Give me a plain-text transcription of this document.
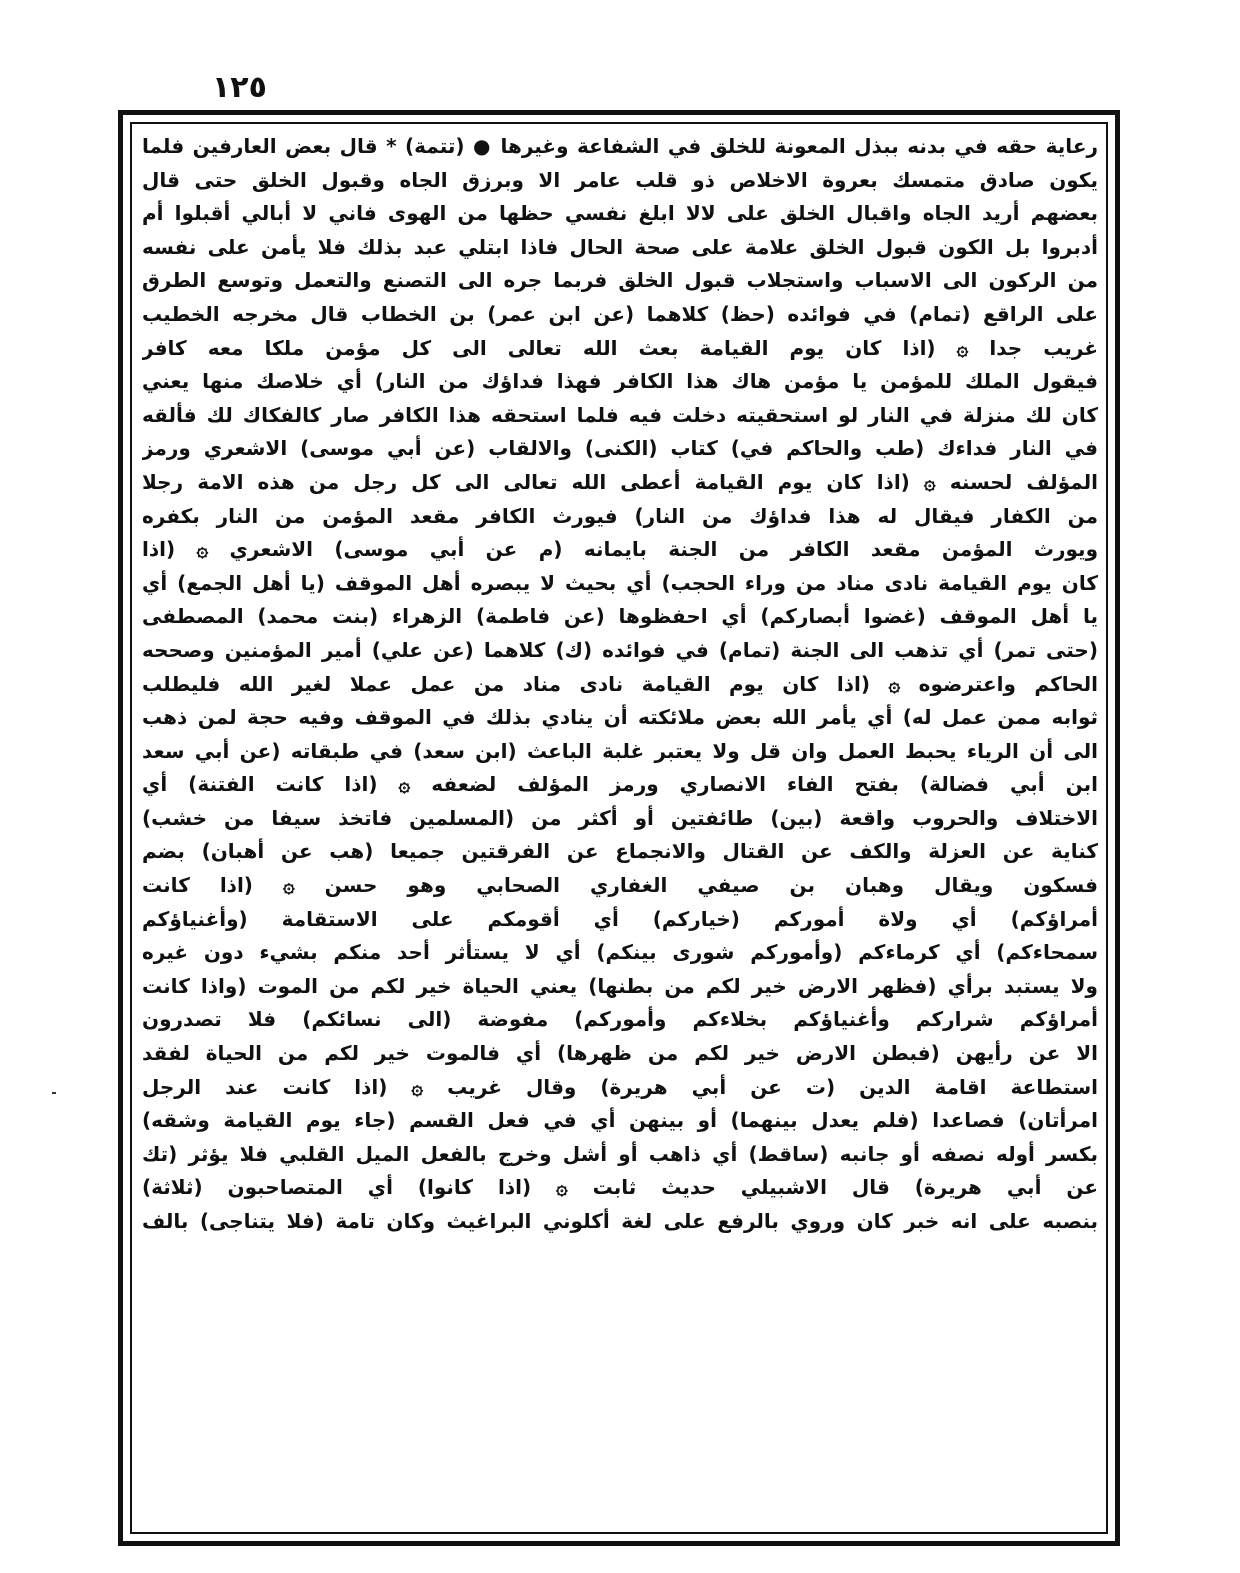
١٢٥
رعاية حقه في بدنه ببذل المعونة للخلق في الشفاعة وغيرها ● (تتمة) * قال بعض العارفين فلما
يكون صادق متمسك بعروة الاخلاص ذو قلب عامر الا وبرزق الجاه وقبول الخلق حتى قال
بعضهم أريد الجاه واقبال الخلق على لالا ابلغ نفسي حظها من الهوى فاني لا أبالي أقبلوا أم
أدبروا بل الكون قبول الخلق علامة على صحة الحال فاذا ابتلي عبد بذلك فلا يأمن على نفسه
من الركون الى الاسباب واستجلاب قبول الخلق فربما جره الى التصنع والتعمل وتوسع الطرق
على الراقع (تمام) في فوائده (حظ) كلاهما (عن ابن عمر) بن الخطاب قال مخرجه الخطيب
غريب جدا ۞ (اذا كان يوم القيامة بعث الله تعالى الى كل مؤمن ملكا معه كافر
فيقول الملك للمؤمن يا مؤمن هاك هذا الكافر فهذا فداؤك من النار) أي خلاصك منها يعني
كان لك منزلة في النار لو استحقيته دخلت فيه فلما استحقه هذا الكافر صار كالفكاك لك فألقه
في النار فداءك (طب والحاكم في) كتاب (الكنى) والالقاب (عن أبي موسى) الاشعري ورمز
المؤلف لحسنه ۞ (اذا كان يوم القيامة أعطى الله تعالى الى كل رجل من هذه الامة رجلا
من الكفار فيقال له هذا فداؤك من النار) فيورث الكافر مقعد المؤمن من النار بكفره
ويورث المؤمن مقعد الكافر من الجنة بايمانه (م عن أبي موسى) الاشعري ۞ (اذا
كان يوم القيامة نادى مناد من وراء الحجب) أي بحيث لا يبصره أهل الموقف (يا أهل الجمع) أي
يا أهل الموقف (غضوا أبصاركم) أي احفظوها (عن فاطمة) الزهراء (بنت محمد) المصطفى
(حتى تمر) أي تذهب الى الجنة (تمام) في فوائده (ك) كلاهما (عن علي) أمير المؤمنين وصححه
الحاكم واعترضوه ۞ (اذا كان يوم القيامة نادى مناد من عمل عملا لغير الله فليطلب
ثوابه ممن عمل له) أي يأمر الله بعض ملائكته أن ينادي بذلك في الموقف وفيه حجة لمن ذهب
الى أن الرياء يحبط العمل وان قل ولا يعتبر غلبة الباعث (ابن سعد) في طبقاته (عن أبي سعد
ابن أبي فضالة) بفتح الفاء الانصاري ورمز المؤلف لضعفه ۞ (اذا كانت الفتنة) أي
الاختلاف والحروب واقعة (بين) طائفتين أو أكثر من (المسلمين فاتخذ سيفا من خشب)
كناية عن العزلة والكف عن القتال والانجماع عن الفرقتين جميعا (هب عن أهبان) بضم
فسكون ويقال وهبان بن صيفي الغفاري الصحابي وهو حسن ۞ (اذا كانت
أمراؤكم) أي ولاة أموركم (خياركم) أي أقومكم على الاستقامة (وأغنياؤكم
سمحاءكم) أي كرماءكم (وأموركم شورى بينكم) أي لا يستأثر أحد منكم بشيء دون غيره
ولا يستبد برأي (فظهر الارض خير لكم من بطنها) يعني الحياة خير لكم من الموت (واذا كانت
أمراؤكم شراركم وأغنياؤكم بخلاءكم وأموركم) مفوضة (الى نسائكم) فلا تصدرون
الا عن رأيهن (فبطن الارض خير لكم من ظهرها) أي فالموت خير لكم من الحياة لفقد
استطاعة اقامة الدين (ت عن أبي هريرة) وقال غريب ۞ (اذا كانت عند الرجل
امرأتان) فصاعدا (فلم يعدل بينهما) أو بينهن أي في فعل القسم (جاء يوم القيامة وشقه)
بكسر أوله نصفه أو جانبه (ساقط) أي ذاهب أو أشل وخرج بالفعل الميل القلبي فلا يؤثر (تك
عن أبي هريرة) قال الاشبيلي حديث ثابت ۞ (اذا كانوا) أي المتصاحبون (ثلاثة)
بنصبه على انه خبر كان وروي بالرفع على لغة أكلوني البراغيث وكان تامة (فلا يتناجى) بالف
